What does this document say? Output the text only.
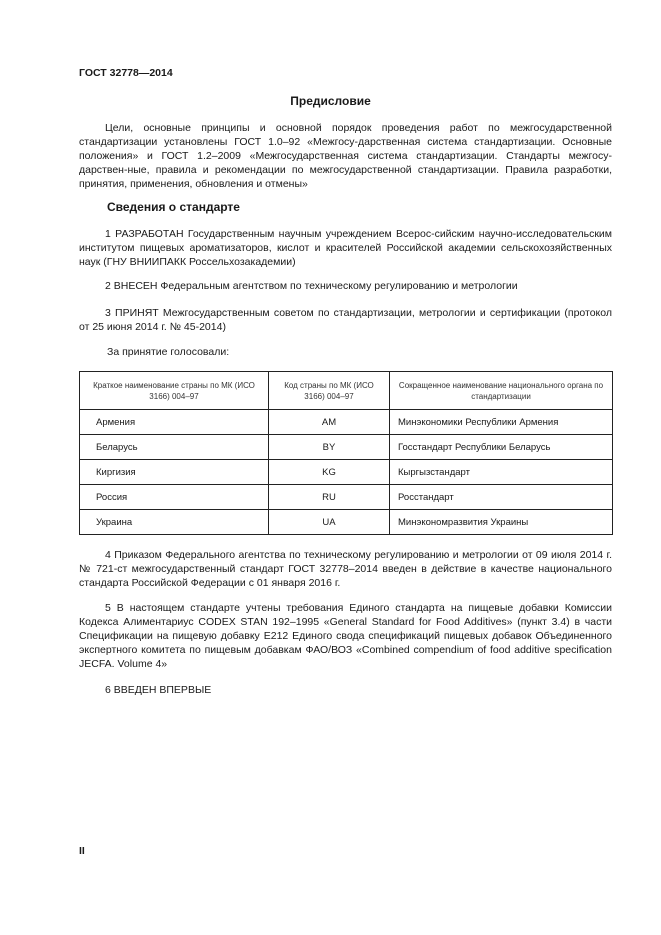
ГОСТ 32778—2014
Предисловие

Цели, основные принципы и основной порядок проведения работ по межгосударственной стандартизации установлены ГОСТ 1.0–92 «Межгосу-дарственная система стандартизации. Основные положения» и ГОСТ 1.2–2009 «Межгосударственная система стандартизации. Стандарты межгосу-дарствен-ные, правила и рекомендации по межгосударственной стандартизации. Правила разработки, принятия, применения, обновления и отмены»

Сведения о стандарте

1 РАЗРАБОТАН Государственным научным учреждением Всерос-сийским научно-исследовательским институтом пищевых ароматизаторов, кислот и красителей Российской академии сельскохозяйственных наук (ГНУ ВНИИПАКК Россельхозакадемии)

2 ВНЕСЕН Федеральным агентством по техническому регулированию и метрологии

3 ПРИНЯТ Межгосударственным советом по стандартизации, метрологии и сертификации (протокол от 25 июня 2014 г. № 45-2014)

За принятие голосовали:
Краткое наименование страны по МК (ИСО 3166) 004–97	Код страны по МК (ИСО 3166) 004–97	Сокращенное наименование национального органа по стандартизации
Армения	AM	Минэкономики Республики Армения
Беларусь	BY	Госстандарт Республики Беларусь
Киргизия	KG	Кыргызстандарт
Россия	RU	Росстандарт
Украина	UA	Минэкономразвития Украины

4 Приказом Федерального агентства по техническому регулированию и метрологии от 09 июля 2014 г. № 721-ст межгосударственный стандарт ГОСТ 32778–2014 введен в действие в качестве национального стандарта Российской Федерации с 01 января 2016 г.

5 В настоящем стандарте учтены требования Единого стандарта на пищевые добавки Комиссии Кодекса Алиментариус CODEX STAN 192–1995 «General Standard for Food Additives» (пункт 3.4) в части Спецификации на пищевую добавку Е212 Единого свода спецификаций пищевых добавок Объединенного экспертного комитета по пищевым добавкам ФАО/ВОЗ «Combined compendium of food additive specification JECFA. Volume 4»

6 ВВЕДЕН ВПЕРВЫЕ

II
